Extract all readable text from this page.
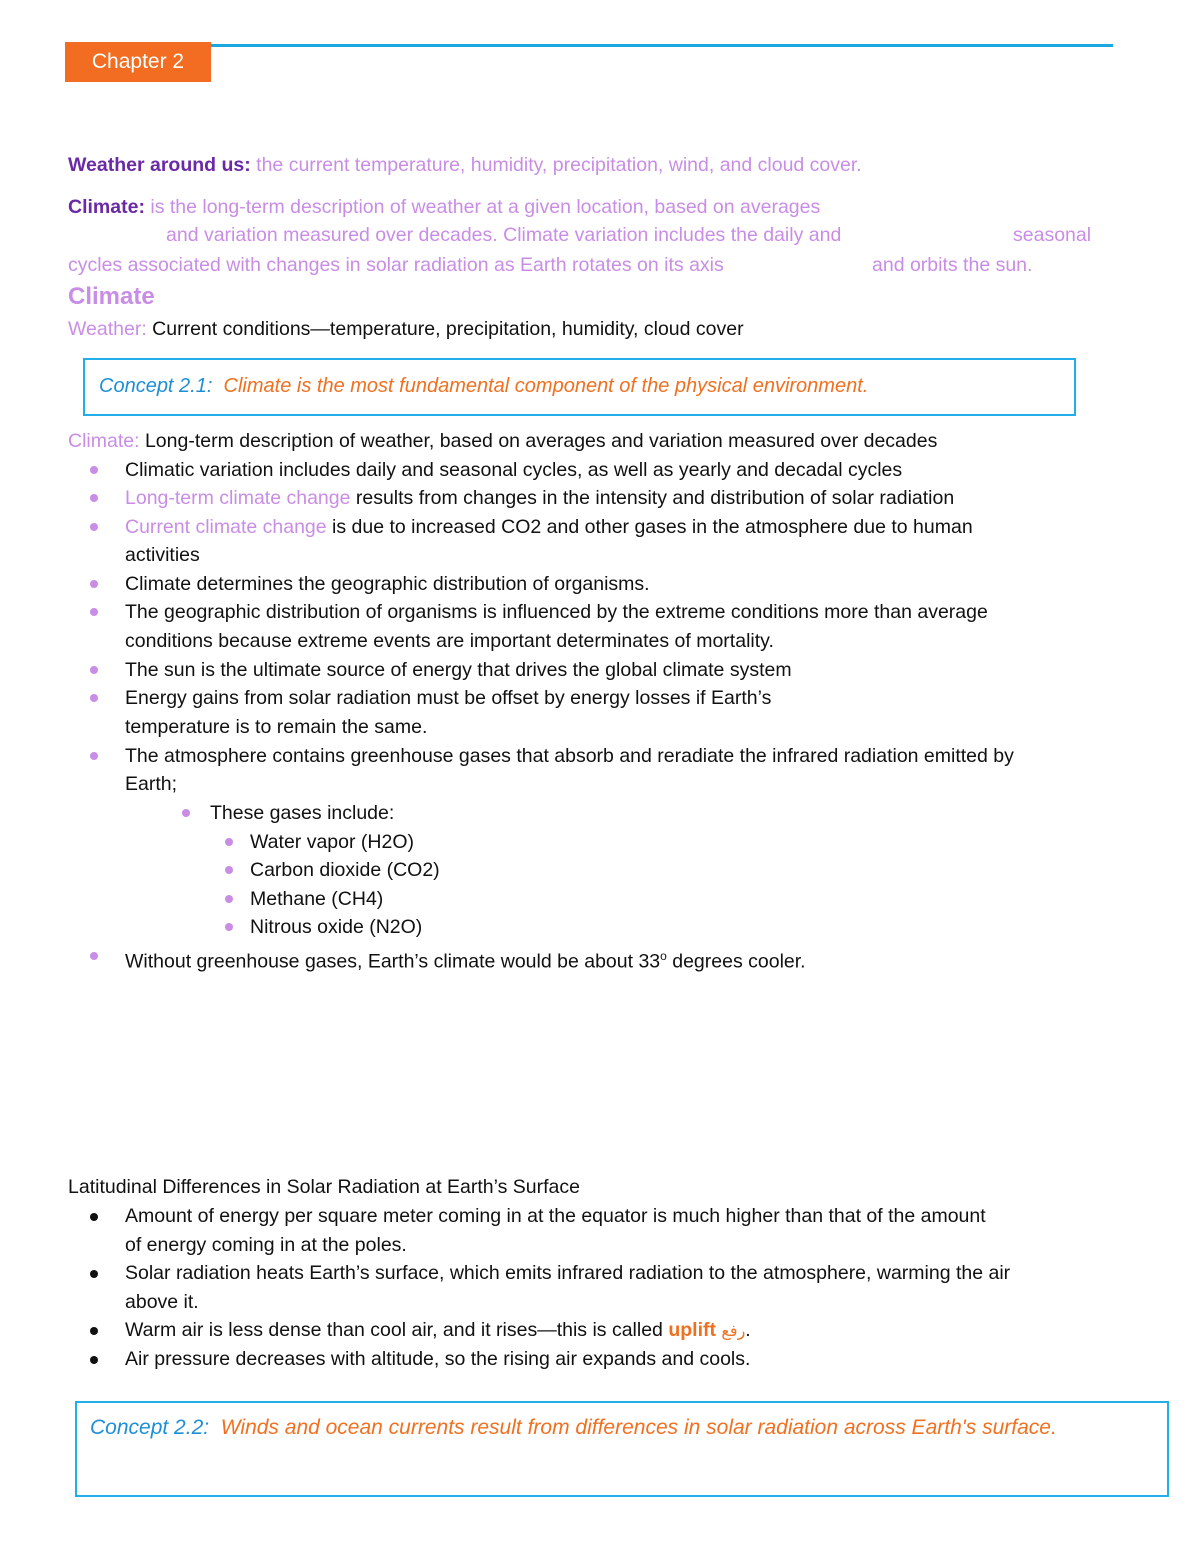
Chapter 2
Weather around us: the current temperature, humidity, precipitation, wind, and cloud cover.
Climate: is the long-term description of weather at a given location, based on averages
and variation measured over decades. Climate variation includes the daily and	seasonal
cycles associated with changes in solar radiation as Earth rotates on its axis	and orbits the sun.
Climate
Weather: Current conditions—temperature, precipitation, humidity, cloud cover
Concept 2.1: Climate is the most fundamental component of the physical environment.
Climate: Long-term description of weather, based on averages and variation measured over decades
Climatic variation includes daily and seasonal cycles, as well as yearly and decadal cycles
Long-term climate change results from changes in the intensity and distribution of solar radiation
Current climate change is due to increased CO2 and other gases in the atmosphere due to human
activities
Climate determines the geographic distribution of organisms.
The geographic distribution of organisms is influenced by the extreme conditions more than average
conditions because extreme events are important determinates of mortality.
The sun is the ultimate source of energy that drives the global climate system
Energy gains from solar radiation must be offset by energy losses if Earth’s
temperature is to remain the same.
The atmosphere contains greenhouse gases that absorb and reradiate the infrared radiation emitted by
Earth;
These gases include:
Water vapor (H2O)
Carbon dioxide (CO2)
Methane (CH4)
Nitrous oxide (N2O)
Without greenhouse gases, Earth’s climate would be about 33$^o$ degrees cooler.
Latitudinal Differences in Solar Radiation at Earth’s Surface
Amount of energy per square meter coming in at the equator is much higher than that of the amount
of energy coming in at the poles.
Solar radiation heats Earth’s surface, which emits infrared radiation to the atmosphere, warming the air
above it.
Warm air is less dense than cool air, and it rises—this is called uplift رفع.
Air pressure decreases with altitude, so the rising air expands and cools.
Concept 2.2: Winds and ocean currents result from differences in solar radiation across Earth's surface.
